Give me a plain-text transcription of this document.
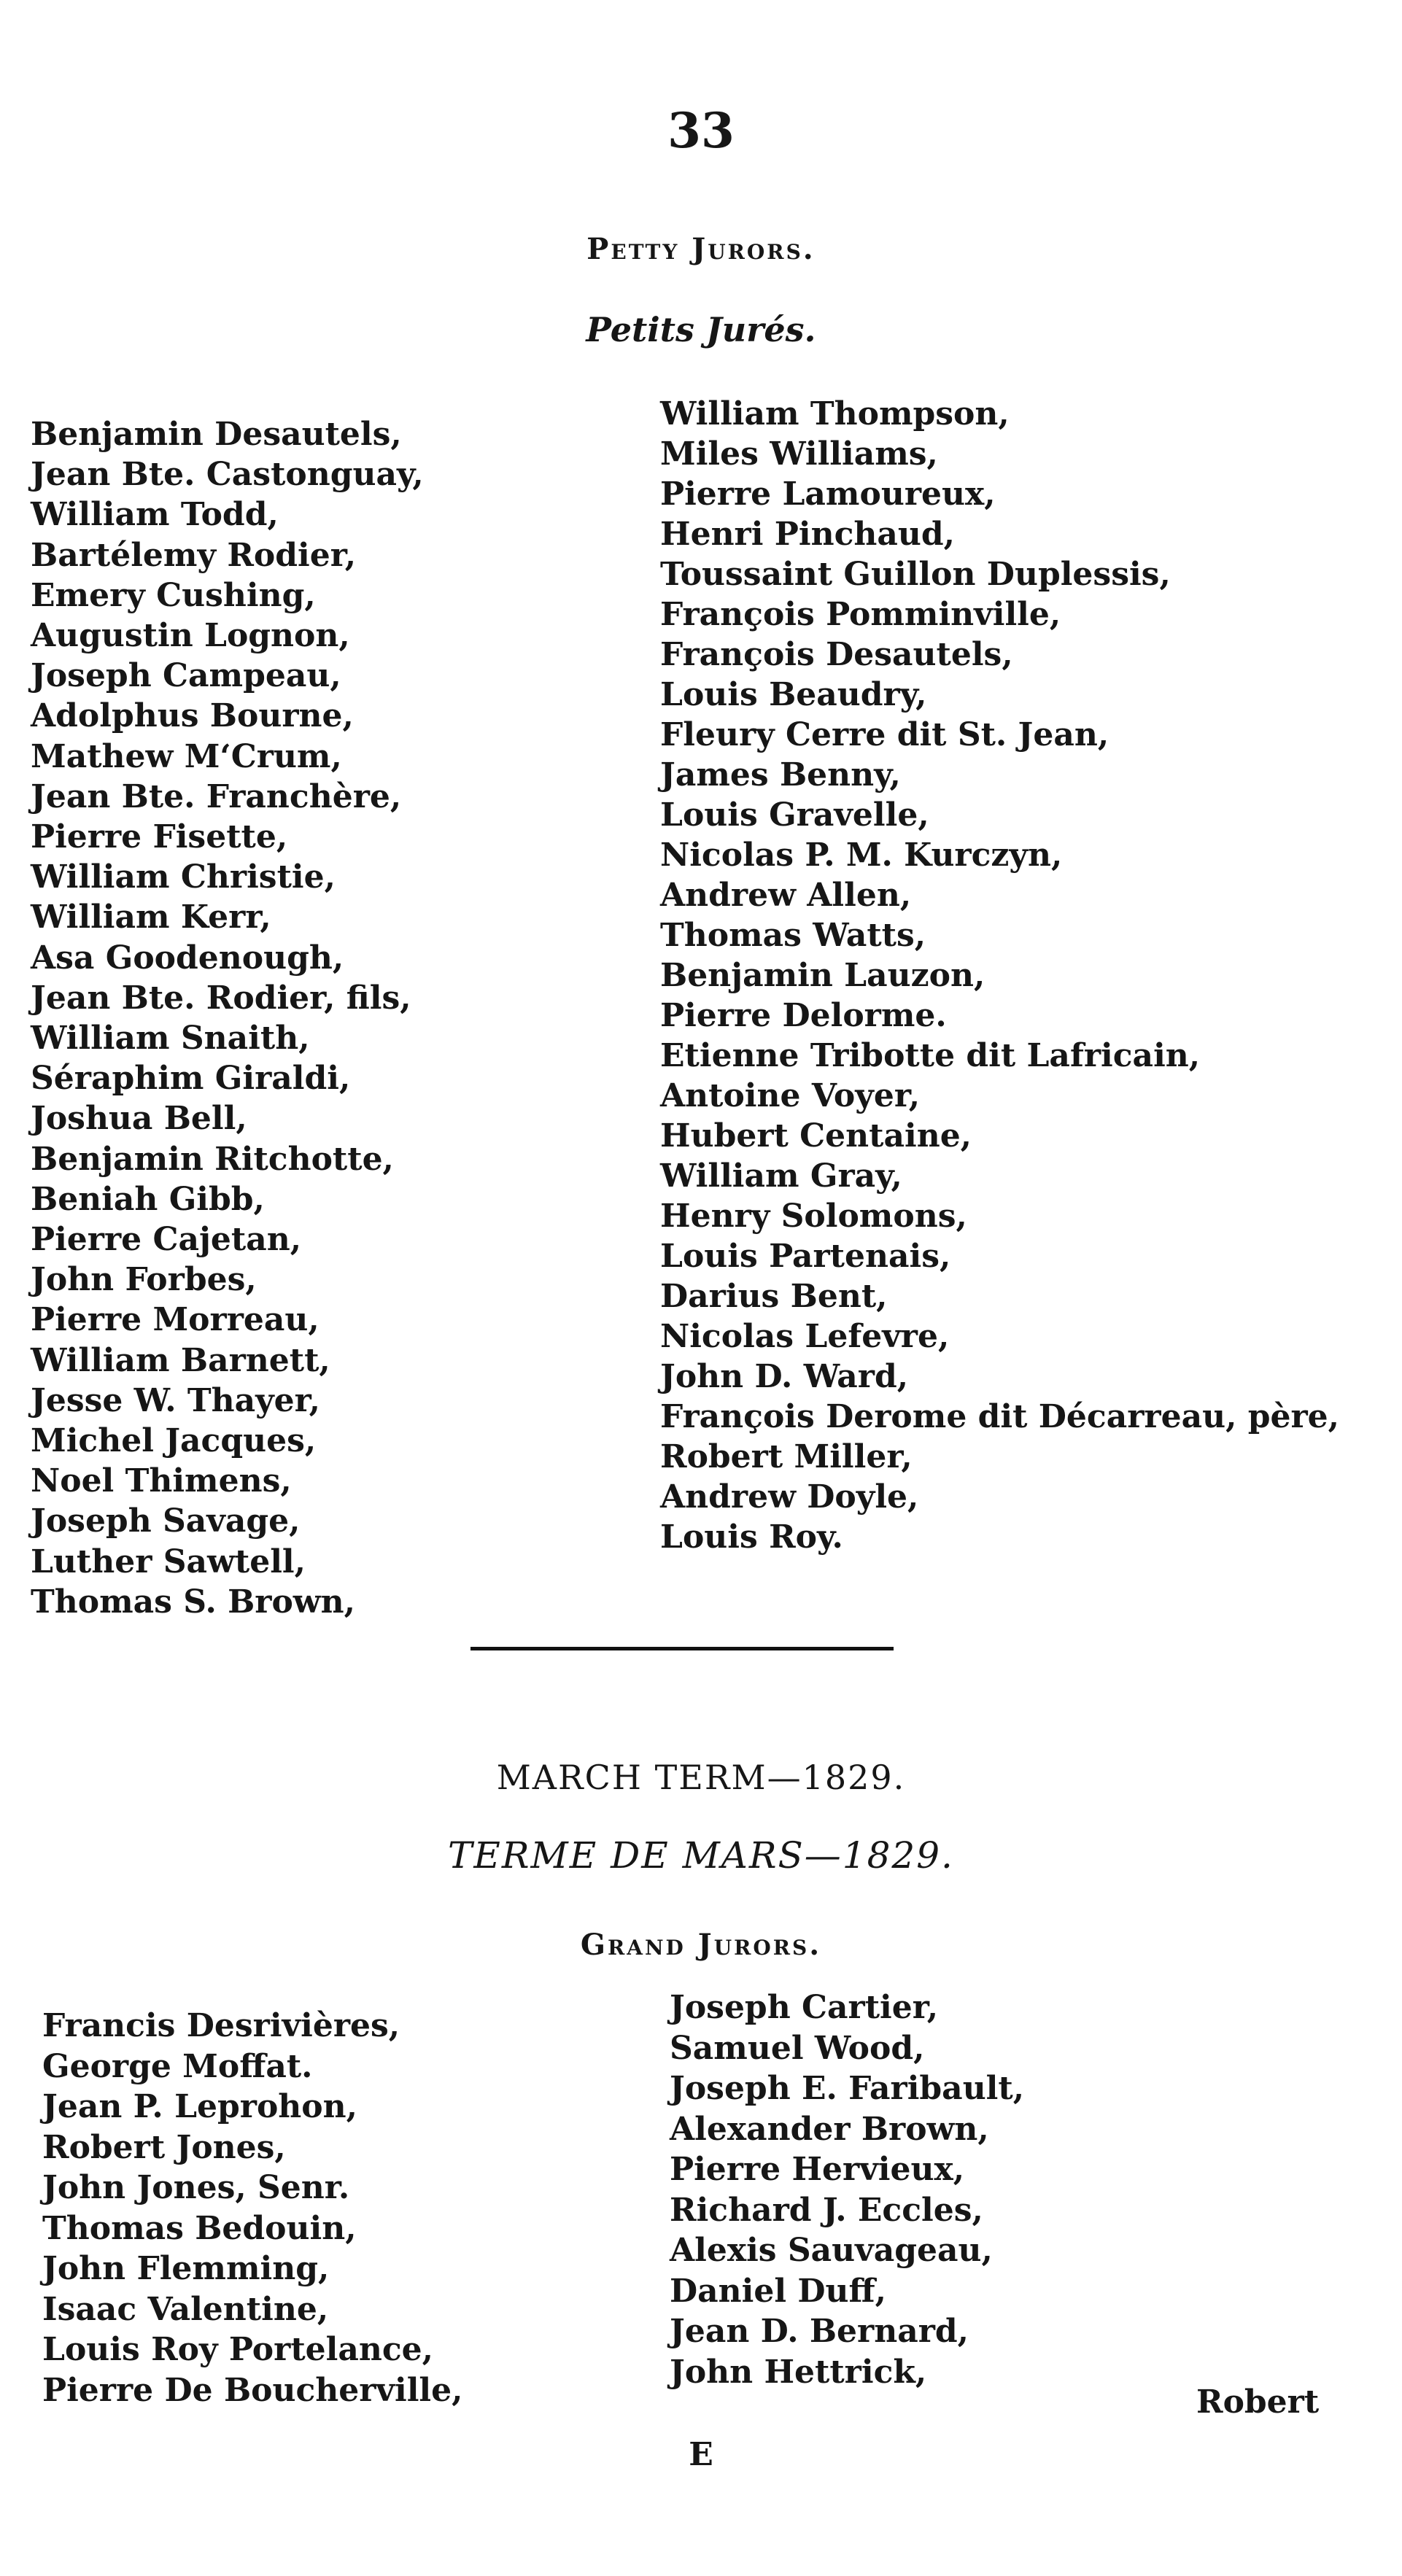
33
Petty Jurors.
Petits Jurés.
Benjamin Desautels,
Jean Bte. Castonguay,
William Todd,
Bartélemy Rodier,
Emery Cushing,
Augustin Lognon,
Joseph Campeau,
Adolphus Bourne,
Mathew M‘Crum,
Jean Bte. Franchère,
Pierre Fisette,
William Christie,
William Kerr,
Asa Goodenough,
Jean Bte. Rodier, fils,
William Snaith,
Séraphim Giraldi,
Joshua Bell,
Benjamin Ritchotte,
Beniah Gibb,
Pierre Cajetan,
John Forbes,
Pierre Morreau,
William Barnett,
Jesse W. Thayer,
Michel Jacques,
Noel Thimens,
Joseph Savage,
Luther Sawtell,
Thomas S. Brown,
William Thompson,
Miles Williams,
Pierre Lamoureux,
Henri Pinchaud,
Toussaint Guillon Duplessis,
François Pomminville,
François Desautels,
Louis Beaudry,
Fleury Cerre dit St. Jean,
James Benny,
Louis Gravelle,
Nicolas P. M. Kurczyn,
Andrew Allen,
Thomas Watts,
Benjamin Lauzon,
Pierre Delorme.
Etienne Tribotte dit Lafricain,
Antoine Voyer,
Hubert Centaine,
William Gray,
Henry Solomons,
Louis Partenais,
Darius Bent,
Nicolas Lefevre,
John D. Ward,
François Derome dit Décarreau, père,
Robert Miller,
Andrew Doyle,
Louis Roy.
MARCH TERM—1829.
TERME DE MARS—1829.
Grand Jurors.
Francis Desrivières,
George Moffat.
Jean P. Leprohon,
Robert Jones,
John Jones, Senr.
Thomas Bedouin,
John Flemming,
Isaac Valentine,
Louis Roy Portelance,
Pierre De Boucherville,
Joseph Cartier,
Samuel Wood,
Joseph E. Faribault,
Alexander Brown,
Pierre Hervieux,
Richard J. Eccles,
Alexis Sauvageau,
Daniel Duff,
Jean D. Bernard,
John Hettrick,
Robert
E
